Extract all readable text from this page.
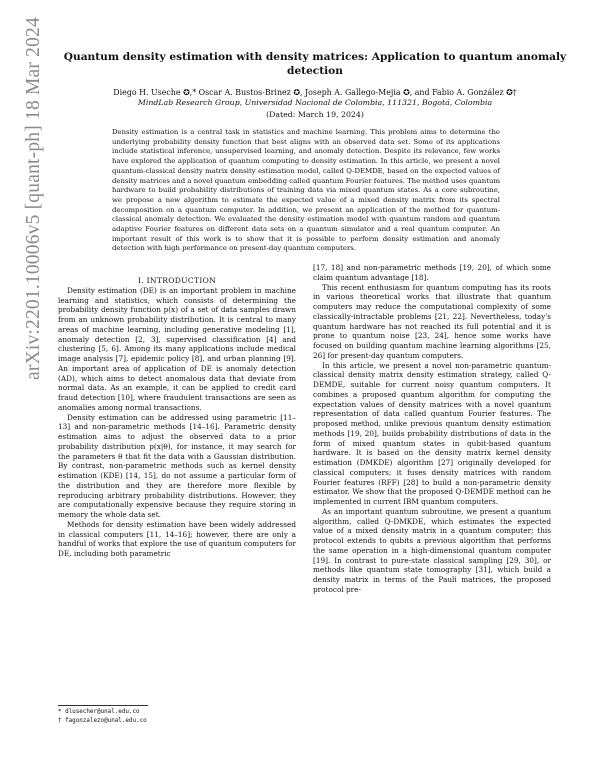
arXiv:2201.10006v5 [quant-ph] 18 Mar 2024	Quantum density estimation with density matrices: Application to quantum anomaly detection
Diego H. Useche ✪,* Oscar A. Bustos-Brinez ✪, Joseph A. Gallego-Mejia ✪, and Fabio A. González ✪†
MindLab Research Group, Universidad Nacional de Colombia, 111321, Bogotá, Colombia
(Dated: March 19, 2024)
Density estimation is a central task in statistics and machine learning. This problem aims to determine the underlying probability density function that best aligns with an observed data set. Some of its applications include statistical inference, unsupervised learning, and anomaly detection. Despite its relevance, few works have explored the application of quantum computing to density estimation. In this article, we present a novel quantum-classical density matrix density estimation model, called Q-DEMDE, based on the expected values of density matrices and a novel quantum embedding called quantum Fourier features. The method uses quantum hardware to build probability distributions of training data via mixed quantum states. As a core subroutine, we propose a new algorithm to estimate the expected value of a mixed density matrix from its spectral decomposition on a quantum computer. In addition, we present an application of the method for quantum-classical anomaly detection. We evaluated the density estimation model with quantum random and quantum adaptive Fourier features on different data sets on a quantum simulator and a real quantum computer. An important result of this work is to show that it is possible to perform density estimation and anomaly detection with high performance on present-day quantum computers.

I. INTRODUCTION

Density estimation (DE) is an important problem in machine learning and statistics, which consists of determining the probability density function p(x) of a set of data samples drawn from an unknown probability distribution. It is central to many areas of machine learning, including generative modeling [1], anomaly detection [2, 3], supervised classification [4] and clustering [5, 6]. Among its many applications include medical image analysis [7], epidemic policy [8], and urban planning [9]. An important area of application of DE is anomaly detection (AD), which aims to detect anomalous data that deviate from normal data. As an example, it can be applied to credit card fraud detection [10], where fraudulent transactions are seen as anomalies among normal transactions.

Density estimation can be addressed using parametric [11–13] and non-parametric methods [14–16]. Parametric density estimation aims to adjust the observed data to a prior probability distribution p(x|θ), for instance, it may search for the parameters θ that fit the data with a Gaussian distribution. By contrast, non-parametric methods such as kernel density estimation (KDE) [14, 15], do not assume a particular form of the distribution and they are therefore more flexible by reproducing arbitrary probability distributions. However, they are computationally expensive because they require storing in memory the whole data set.

Methods for density estimation have been widely addressed in classical computers [11, 14–16]; however, there are only a handful of works that explore the use of quantum computers for DE, including both parametric

[17, 18] and non-parametric methods [19, 20], of which some claim quantum advantage [18].

This recent enthusiasm for quantum computing has its roots in various theoretical works that illustrate that quantum computers may reduce the computational complexity of some classically-intractable problems [21, 22]. Nevertheless, today's quantum hardware has not reached its full potential and it is prone to quantum noise [23, 24], hence some works have focused on building quantum machine learning algorithms [25, 26] for present-day quantum computers.

In this article, we present a novel non-parametric quantum-classical density matrix density estimation strategy, called Q-DEMDE, suitable for current noisy quantum computers. It combines a proposed quantum algorithm for computing the expectation values of density matrices with a novel quantum representation of data called quantum Fourier features. The proposed method, unlike previous quantum density estimation methods [19, 20], builds probability distributions of data in the form of mixed quantum states in qubit-based quantum hardware. It is based on the density matrix kernel density estimation (DMKDE) algorithm [27] originally developed for classical computers; it fuses density matrices with random Fourier features (RFF) [28] to build a non-parametric density estimator. We show that the proposed Q-DEMDE method can be implemented in current IBM quantum computers.

As an important quantum subroutine, we present a quantum algorithm, called Q-DMKDE, which estimates the expected value of a mixed density matrix in a quantum computer; this protocol extends to qubits a previous algorithm that performs the same operation in a high-dimensional quantum computer [19]. In contrast to pure-state classical sampling [29, 30], or methods like quantum state tomography [31], which build a density matrix in terms of the Pauli matrices, the proposed protocol pre-

* dlusecher@unal.edu.co
† fagonzalezo@unal.edu.co
